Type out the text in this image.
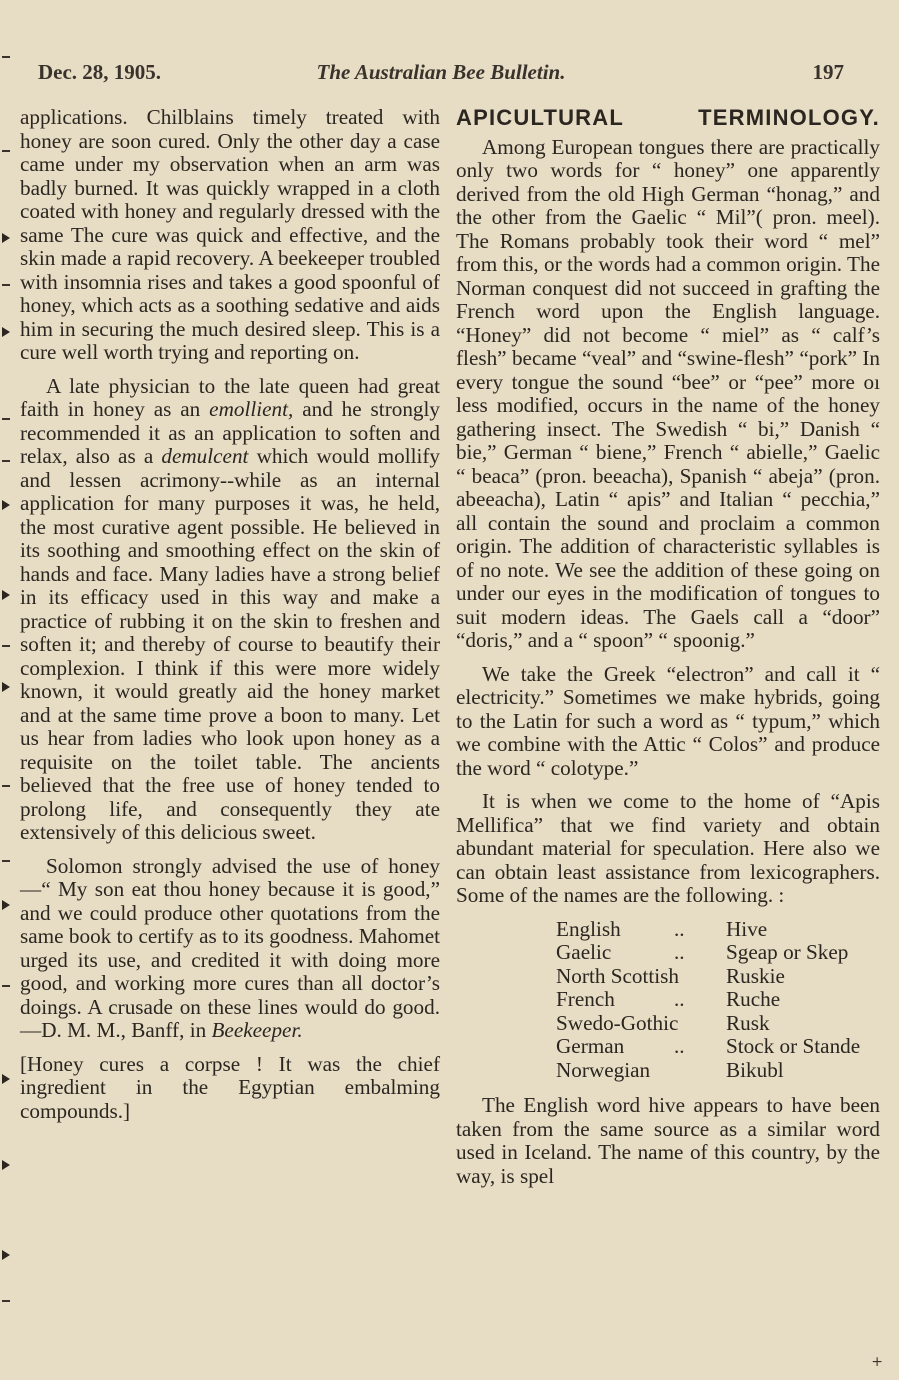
Dec. 28, 1905.	The Australian Bee Bulletin.	197

applications. Chilblains timely treated with honey are soon cured. Only the other day a case came under my observation when an arm was badly burned. It was quickly wrapped in a cloth coated with honey and regularly dressed with the same The cure was quick and effective, and the skin made a rapid recovery. A beekeeper troubled with insomnia rises and takes a good spoonful of honey, which acts as a soothing sedative and aids him in securing the much desired sleep. This is a cure well worth trying and reporting on.

A late physician to the late queen had great faith in honey as an emollient, and he strongly recommended it as an application to soften and relax, also as a demulcent which would mollify and lessen acrimony--while as an internal application for many purposes it was, he held, the most curative agent possible. He believed in its soothing and smoothing effect on the skin of hands and face. Many ladies have a strong belief in its efficacy used in this way and make a practice of rubbing it on the skin to freshen and soften it; and thereby of course to beautify their complexion. I think if this were more widely known, it would greatly aid the honey market and at the same time prove a boon to many. Let us hear from ladies who look upon honey as a requisite on the toilet table. The ancients believed that the free use of honey tended to prolong life, and consequently they ate extensively of this delicious sweet.

Solomon strongly advised the use of honey—“ My son eat thou honey because it is good,” and we could produce other quotations from the same book to certify as to its goodness. Mahomet urged its use, and credited it with doing more good, and working more cures than all doctor’s doings. A crusade on these lines would do good.—D. M. M., Banff, in Beekeeper.

[Honey cures a corpse ! It was the chief ingredient in the Egyptian embalming compounds.]

APICULTURAL TERMINOLOGY.

Among European tongues there are practically only two words for “ honey” one apparently derived from the old High German “honag,” and the other from the Gaelic “ Mil”( pron. meel). The Romans probably took their word “ mel” from this, or the words had a common origin. The Norman conquest did not succeed in grafting the French word upon the English language. “Honey” did not become “ miel” as “ calf’s flesh” became “veal” and “swine-flesh” “pork” In every tongue the sound “bee” or “pee” more oı less modified, occurs in the name of the honey gathering insect. The Swedish “ bi,” Danish “ bie,” German “ biene,” French “ abielle,” Gaelic “ beaca” (pron. beeacha), Spanish “ abeja” (pron. abeeacha), Latin “ apis” and Italian “ pecchia,” all contain the sound and proclaim a common origin. The addition of characteristic syllables is of no note. We see the addition of these going on under our eyes in the modification of tongues to suit modern ideas. The Gaels call a “door” “doris,” and a “ spoon” “ spoonig.”

We take the Greek “electron” and call it “ electricity.” Sometimes we make hybrids, going to the Latin for such a word as “ typum,” which we combine with the Attic “ Colos” and produce the word “ colotype.”

It is when we come to the home of “Apis Mellifica” that we find variety and obtain abundant material for speculation. Here also we can obtain least assistance from lexicographers. Some of the names are the following. :

English	..	Hive
Gaelic	..	Sgeap or Skep
North Scottish		Ruskie
French	..	Ruche
Swedo-Gothic		Rusk
German	..	Stock or Stande
Norwegian		Bikubl

The English word hive appears to have been taken from the same source as a similar word used in Iceland. The name of this country, by the way, is spel

+
